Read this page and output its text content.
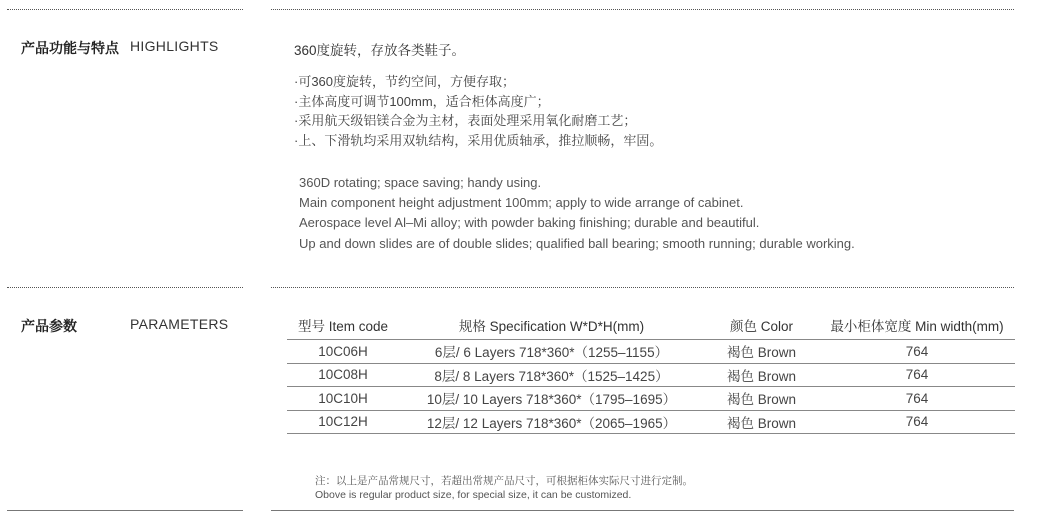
产品功能与特点 HIGHLIGHTS	360度旋转，存放各类鞋子。
·可360度旋转，节约空间，方便存取；
·主体高度可调节100mm，适合柜体高度广；
·采用航天级铝镁合金为主材，表面处理采用氧化耐磨工艺；
·上、下滑轨均采用双轨结构，采用优质轴承，推拉顺畅，牢固。
360D rotating; space saving; handy using.
Main component height adjustment 100mm; apply to wide arrange of cabinet.
Aerospace level Al–Mi alloy; with powder baking finishing; durable and beautiful.
Up and down slides are of double slides; qualified ball bearing; smooth running; durable working.
产品参数	PARAMETERS	型号 Item code	规格 Specification W*D*H(mm)	颜色 Color	最小柜体宽度 Min width(mm)
10C06H	6层/ 6 Layers 718*360*（1255–1155）	褐色 Brown	764
10C08H	8层/ 8 Layers 718*360*（1525–1425）	褐色 Brown	764
10C10H	10层/ 10 Layers 718*360*（1795–1695）	褐色 Brown	764
10C12H	12层/ 12 Layers 718*360*（2065–1965）	褐色 Brown	764
注：以上是产品常规尺寸，若超出常规产品尺寸，可根据柜体实际尺寸进行定制。
Obove is regular product size, for special size, it can be customized.
